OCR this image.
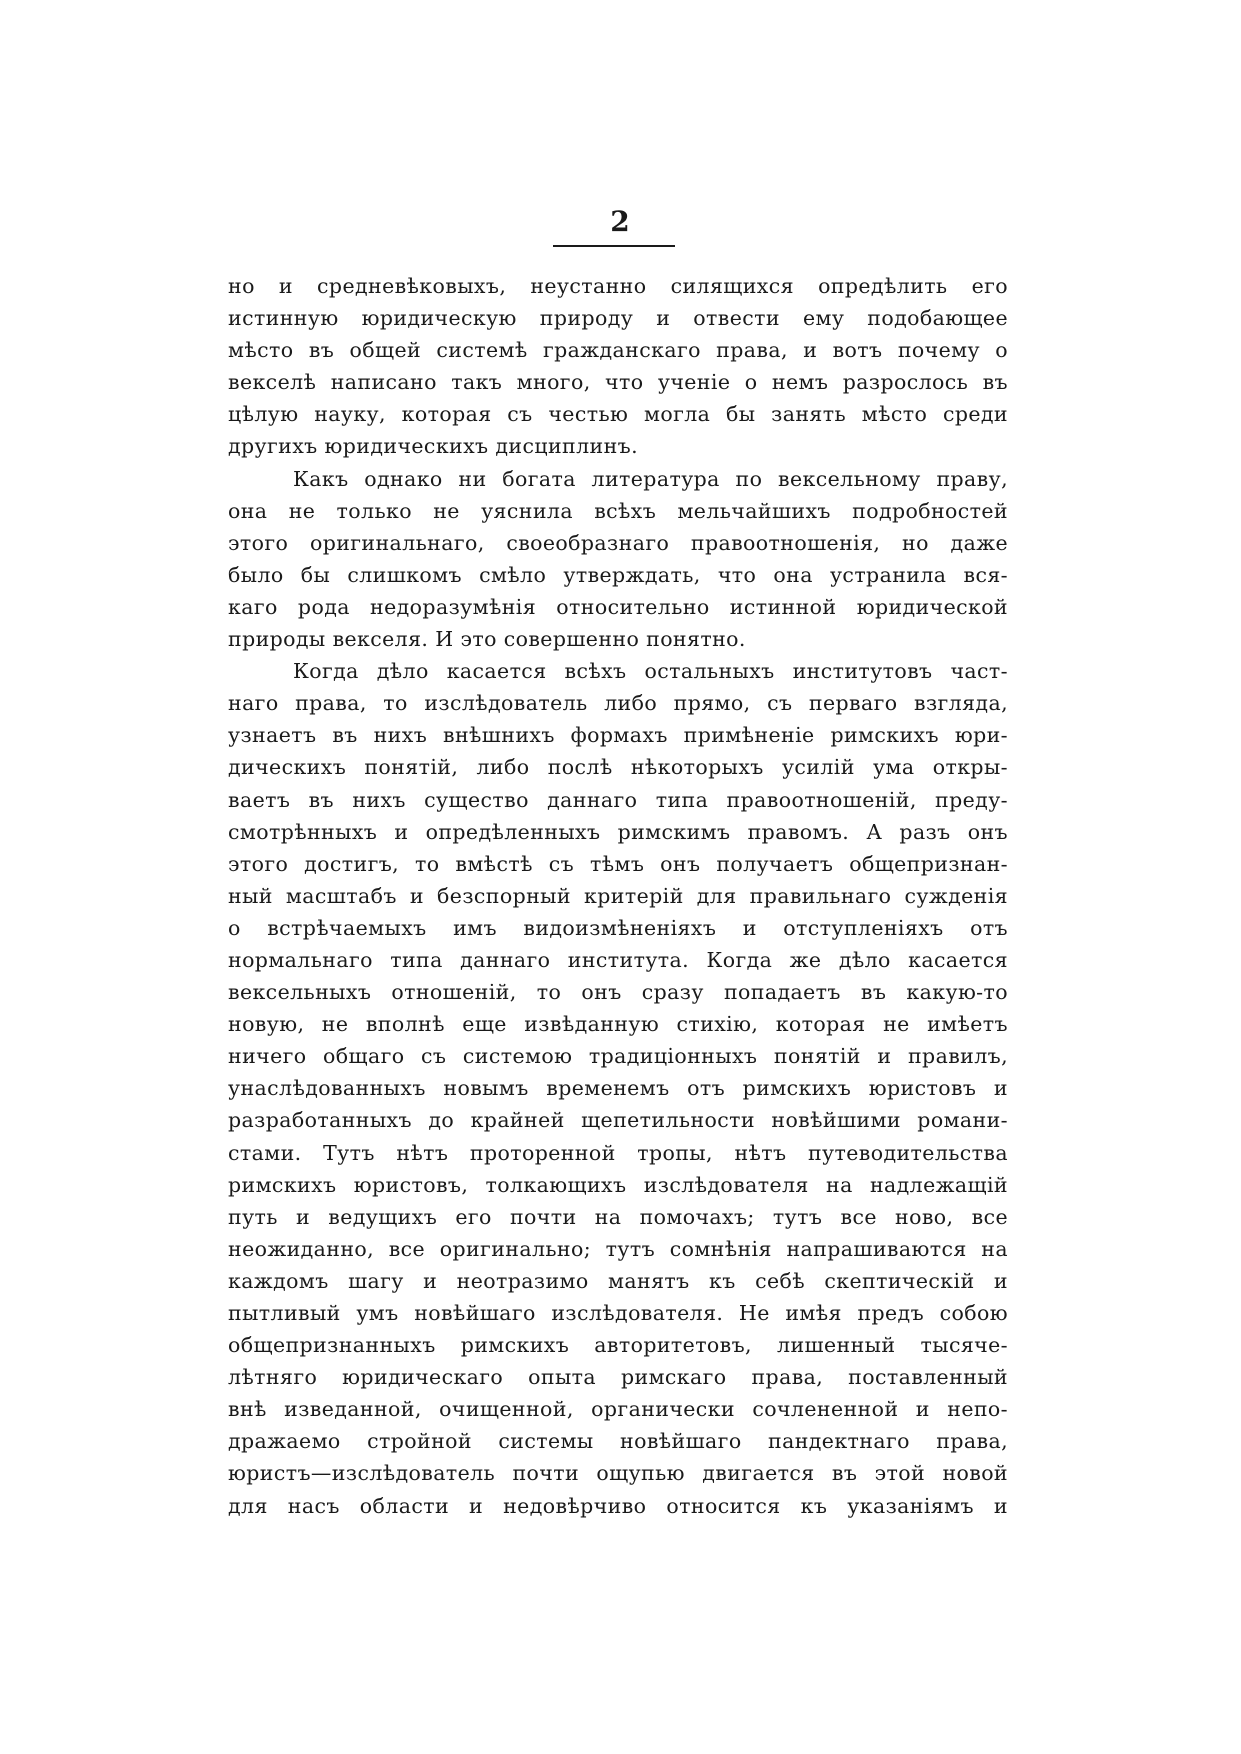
2
но и средневѣковыхъ, неустанно силящихся опредѣлить его
истинную юридическую природу и отвести ему подобающее
мѣсто въ общей системѣ гражданскаго права, и вотъ почему о
векселѣ написано такъ много, что ученіе о немъ разрослось въ
цѣлую науку, которая съ честью могла бы занять мѣсто среди
другихъ юридическихъ дисциплинъ.
Какъ однако ни богата литература по вексельному праву,
она не только не уяснила всѣхъ мельчайшихъ подробностей
этого оригинальнаго, своеобразнаго правоотношенія, но даже
было бы слишкомъ смѣло утверждать, что она устранила вся-
каго рода недоразумѣнія относительно истинной юридической
природы векселя. И это совершенно понятно.
Когда дѣло касается всѣхъ остальныхъ институтовъ част-
наго права, то изслѣдователь либо прямо, съ перваго взгляда,
узнаетъ въ нихъ внѣшнихъ формахъ примѣненіе римскихъ юри-
дическихъ понятій, либо послѣ нѣкоторыхъ усилій ума откры-
ваетъ въ нихъ существо даннаго типа правоотношеній, преду-
смотрѣнныхъ и опредѣленныхъ римскимъ правомъ. А разъ онъ
этого достигъ, то вмѣстѣ съ тѣмъ онъ получаетъ общепризнан-
ный масштабъ и безспорный критерій для правильнаго сужденія
о встрѣчаемыхъ имъ видоизмѣненіяхъ и отступленіяхъ отъ
нормальнаго типа даннаго института. Когда же дѣло касается
вексельныхъ отношеній, то онъ сразу попадаетъ въ какую-то
новую, не вполнѣ еще извѣданную стихію, которая не имѣетъ
ничего общаго съ системою традиціонныхъ понятій и правилъ,
унаслѣдованныхъ новымъ временемъ отъ римскихъ юристовъ и
разработанныхъ до крайней щепетильности новѣйшими романи-
стами. Тутъ нѣтъ проторенной тропы, нѣтъ путеводительства
римскихъ юристовъ, толкающихъ изслѣдователя на надлежащій
путь и ведущихъ его почти на помочахъ; тутъ все ново, все
неожиданно, все оригинально; тутъ сомнѣнія напрашиваются на
каждомъ шагу и неотразимо манятъ къ себѣ скептическій и
пытливый умъ новѣйшаго изслѣдователя. Не имѣя предъ собою
общепризнанныхъ римскихъ авторитетовъ, лишенный тысяче-
лѣтняго юридическаго опыта римскаго права, поставленный
внѣ изведанной, очищенной, органически сочлененной и непо-
дражаемо стройной системы новѣйшаго пандектнаго права,
юристъ—изслѣдователь почти ощупью двигается въ этой новой
для насъ области и недовѣрчиво относится къ указаніямъ и
